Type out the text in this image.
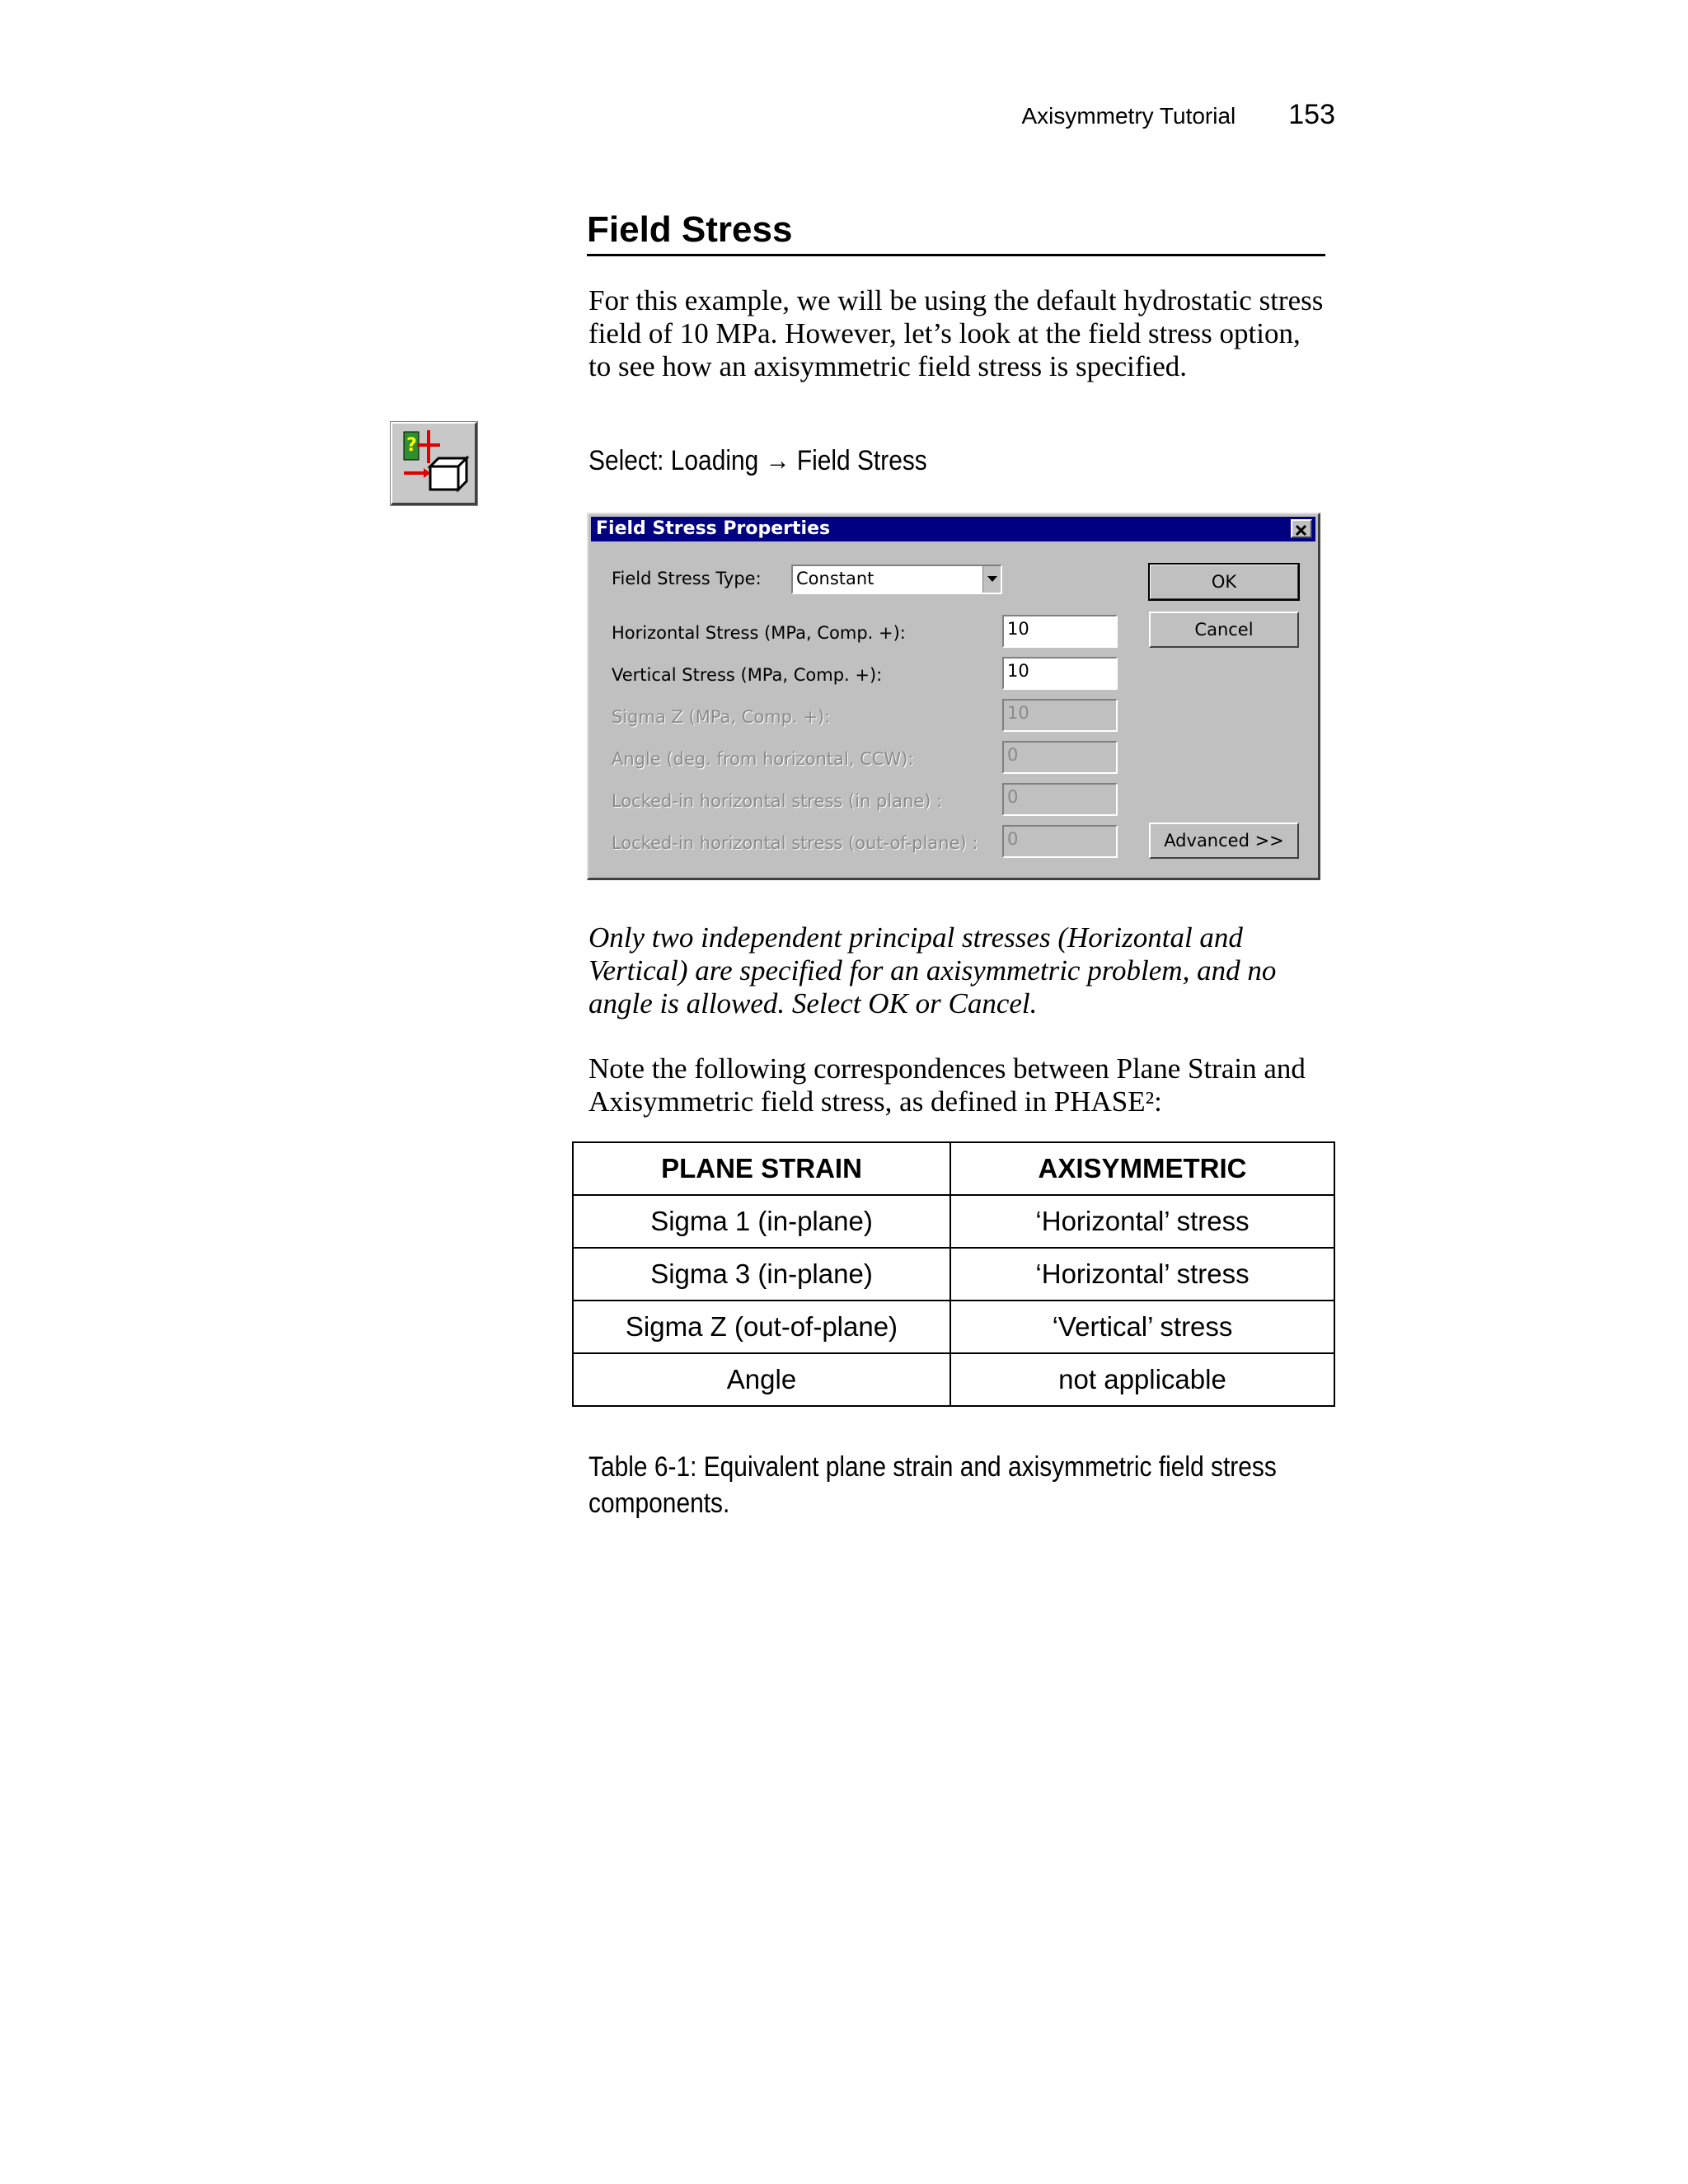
Axisymmetry Tutorial 153
Field Stress
For this example, we will be using the default hydrostatic stress field of 10 MPa. However, let’s look at the field stress option, to see how an axisymmetric field stress is specified.
?	Select: Loading → Field Stress
Field Stress Properties
Field Stress Type: Constant
Horizontal Stress (MPa, Comp. +):	10
Vertical Stress (MPa, Comp. +):	10
Sigma Z (MPa, Comp. +):	10
Angle (deg. from horizontal, CCW):	0
Locked-in horizontal stress (in plane) :	0
Locked-in horizontal stress (out-of-plane) : 0
OK
Cancel
Advanced >>
Only two independent principal stresses (Horizontal and Vertical) are specified for an axisymmetric problem, and no angle is allowed. Select OK or Cancel.
Note the following correspondences between Plane Strain and Axisymmetric field stress, as defined in PHASE²:
PLANE STRAIN	AXISYMMETRIC
Sigma 1 (in-plane)	‘Horizontal’ stress
Sigma 3 (in-plane)	‘Horizontal’ stress
Sigma Z (out-of-plane)	‘Vertical’ stress
Angle	not applicable
Table 6-1: Equivalent plane strain and axisymmetric field stress components.
